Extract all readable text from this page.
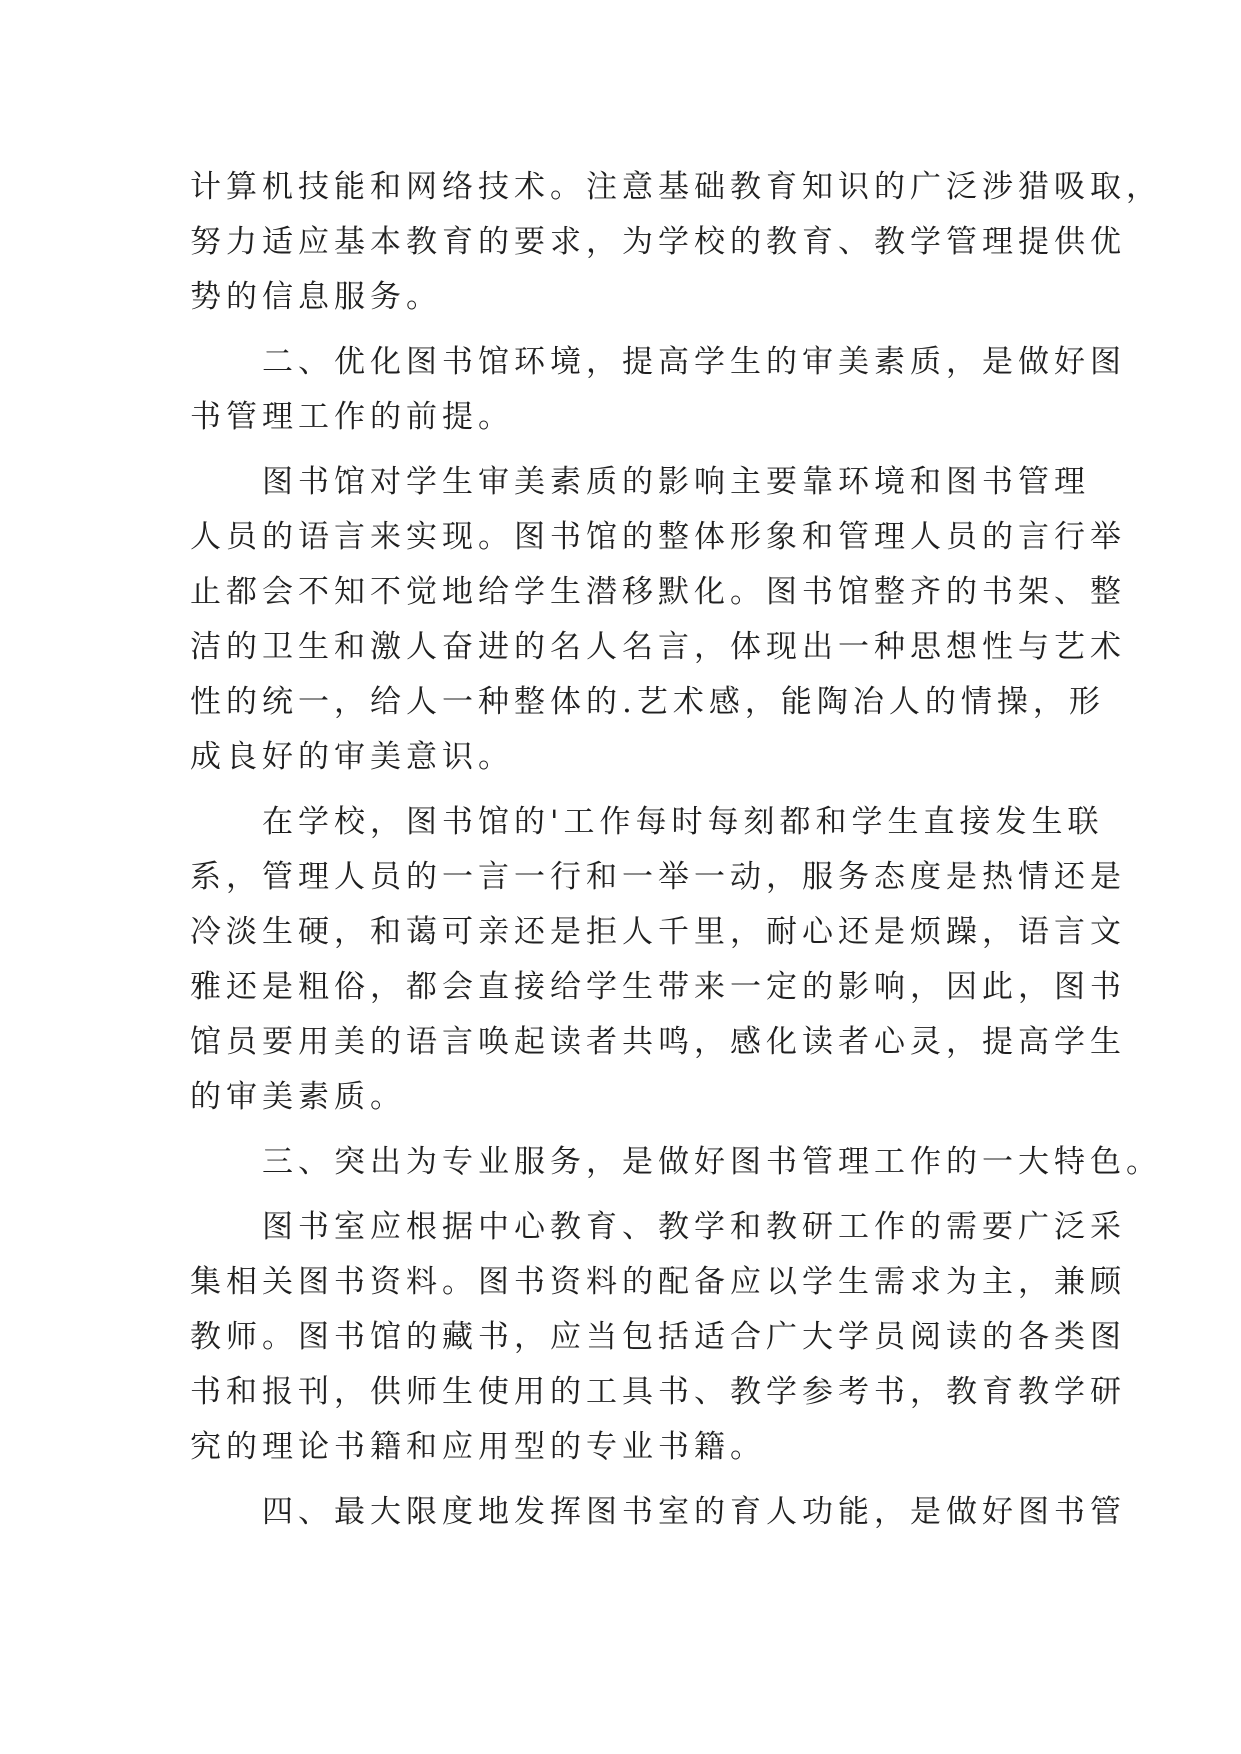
计算机技能和网络技术。注意基础教育知识的广泛涉猎吸取，
努力适应基本教育的要求，为学校的教育、教学管理提供优
势的信息服务。
　　二、优化图书馆环境，提高学生的审美素质，是做好图
书管理工作的前提。
　　图书馆对学生审美素质的影响主要靠环境和图书管理
人员的语言来实现。图书馆的整体形象和管理人员的言行举
止都会不知不觉地给学生潜移默化。图书馆整齐的书架、整
洁的卫生和激人奋进的名人名言，体现出一种思想性与艺术
性的统一，给人一种整体的.艺术感，能陶冶人的情操，形
成良好的审美意识。
　　在学校，图书馆的'工作每时每刻都和学生直接发生联
系，管理人员的一言一行和一举一动，服务态度是热情还是
冷淡生硬，和蔼可亲还是拒人千里，耐心还是烦躁，语言文
雅还是粗俗，都会直接给学生带来一定的影响，因此，图书
馆员要用美的语言唤起读者共鸣，感化读者心灵，提高学生
的审美素质。
　　三、突出为专业服务，是做好图书管理工作的一大特色。
　　图书室应根据中心教育、教学和教研工作的需要广泛采
集相关图书资料。图书资料的配备应以学生需求为主，兼顾
教师。图书馆的藏书，应当包括适合广大学员阅读的各类图
书和报刊，供师生使用的工具书、教学参考书，教育教学研
究的理论书籍和应用型的专业书籍。
　　四、最大限度地发挥图书室的育人功能，是做好图书管
